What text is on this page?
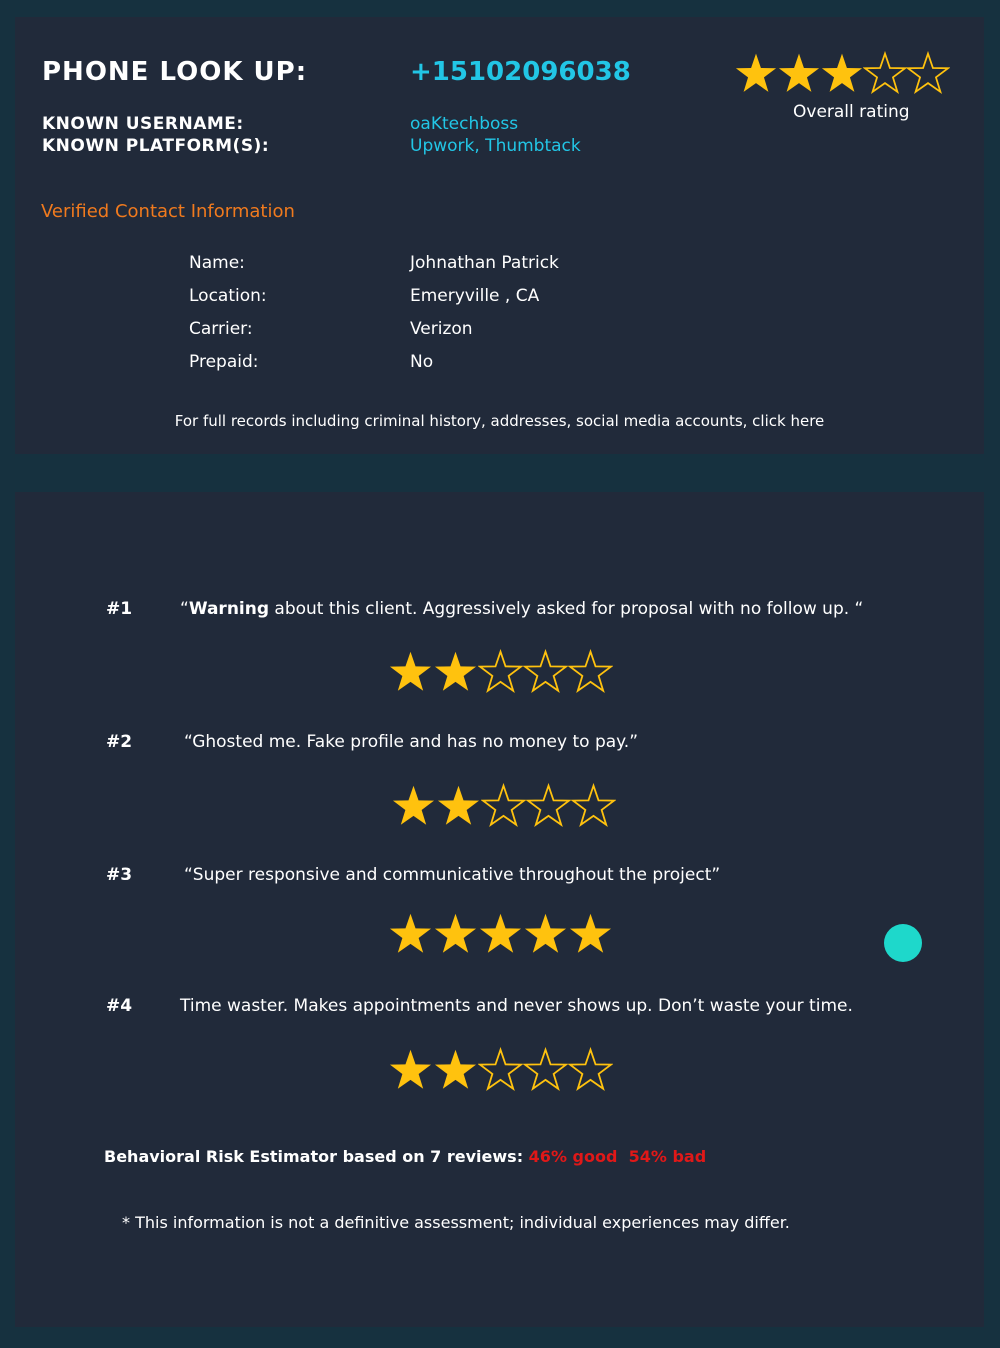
PHONE LOOK UP:	+15102096038
Overall rating
KNOWN USERNAME:	oaKtechboss
KNOWN PLATFORM(S):	Upwork, Thumbtack
Verified Contact Information
Name:	Johnathan Patrick
Location:	Emeryville , CA
Carrier:	Verizon
Prepaid:	No
For full records including criminal history, addresses, social media accounts, click here
#1	“Warning about this client. Aggressively asked for proposal with no follow up. “
#2	“Ghosted me. Fake profile and has no money to pay.”
#3	“Super responsive and communicative throughout the project”
#4	Time waster. Makes appointments and never shows up. Don’t waste your time.
Behavioral Risk Estimator based on 7 reviews: 46% good 54% bad
* This information is not a definitive assessment; individual experiences may differ.
